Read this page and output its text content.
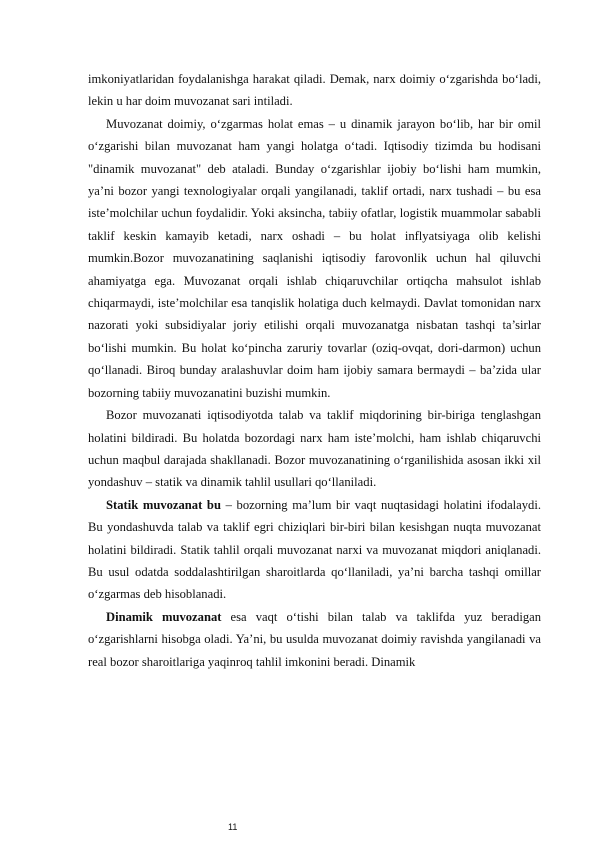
imkoniyatlaridan foydalanishga harakat qiladi. Demak, narx doimiy o‘zgarishda bo‘ladi, lekin u har doim muvozanat sari intiladi.

Muvozanat doimiy, o‘zgarmas holat emas – u dinamik jarayon bo‘lib, har bir omil o‘zgarishi bilan muvozanat ham yangi holatga o‘tadi. Iqtisodiy tizimda bu hodisani "dinamik muvozanat" deb ataladi. Bunday o‘zgarishlar ijobiy bo‘lishi ham mumkin, ya’ni bozor yangi texnologiyalar orqali yangilanadi, taklif ortadi, narx tushadi – bu esa iste’molchilar uchun foydalidir. Yoki aksincha, tabiiy ofatlar, logistik muammolar sababli taklif keskin kamayib ketadi, narx oshadi – bu holat inflyatsiyaga olib kelishi mumkin.Bozor muvozanatining saqlanishi iqtisodiy farovonlik uchun hal qiluvchi ahamiyatga ega. Muvozanat orqali ishlab chiqaruvchilar ortiqcha mahsulot ishlab chiqarmaydi, iste’molchilar esa tanqislik holatiga duch kelmaydi. Davlat tomonidan narx nazorati yoki subsidiyalar joriy etilishi orqali muvozanatga nisbatan tashqi ta’sirlar bo‘lishi mumkin. Bu holat ko‘pincha zaruriy tovarlar (oziq-ovqat, dori-darmon) uchun qo‘llanadi. Biroq bunday aralashuvlar doim ham ijobiy samara bermaydi – ba’zida ular bozorning tabiiy muvozanatini buzishi mumkin.

Bozor muvozanati iqtisodiyotda talab va taklif miqdorining bir-biriga tenglashgan holatini bildiradi. Bu holatda bozordagi narx ham iste’molchi, ham ishlab chiqaruvchi uchun maqbul darajada shakllanadi. Bozor muvozanatining o‘rganilishida asosan ikki xil yondashuv – statik va dinamik tahlil usullari qo‘llaniladi.

Statik muvozanat bu – bozorning ma’lum bir vaqt nuqtasidagi holatini ifodalaydi. Bu yondashuvda talab va taklif egri chiziqlari bir-biri bilan kesishgan nuqta muvozanat holatini bildiradi. Statik tahlil orqali muvozanat narxi va muvozanat miqdori aniqlanadi. Bu usul odatda soddalashtirilgan sharoitlarda qo‘llaniladi, ya’ni barcha tashqi omillar o‘zgarmas deb hisoblanadi.

Dinamik muvozanat esa vaqt o‘tishi bilan talab va taklifda yuz beradigan o‘zgarishlarni hisobga oladi. Ya’ni, bu usulda muvozanat doimiy ravishda yangilanadi va real bozor sharoitlariga yaqinroq tahlil imkonini beradi. Dinamik

11
